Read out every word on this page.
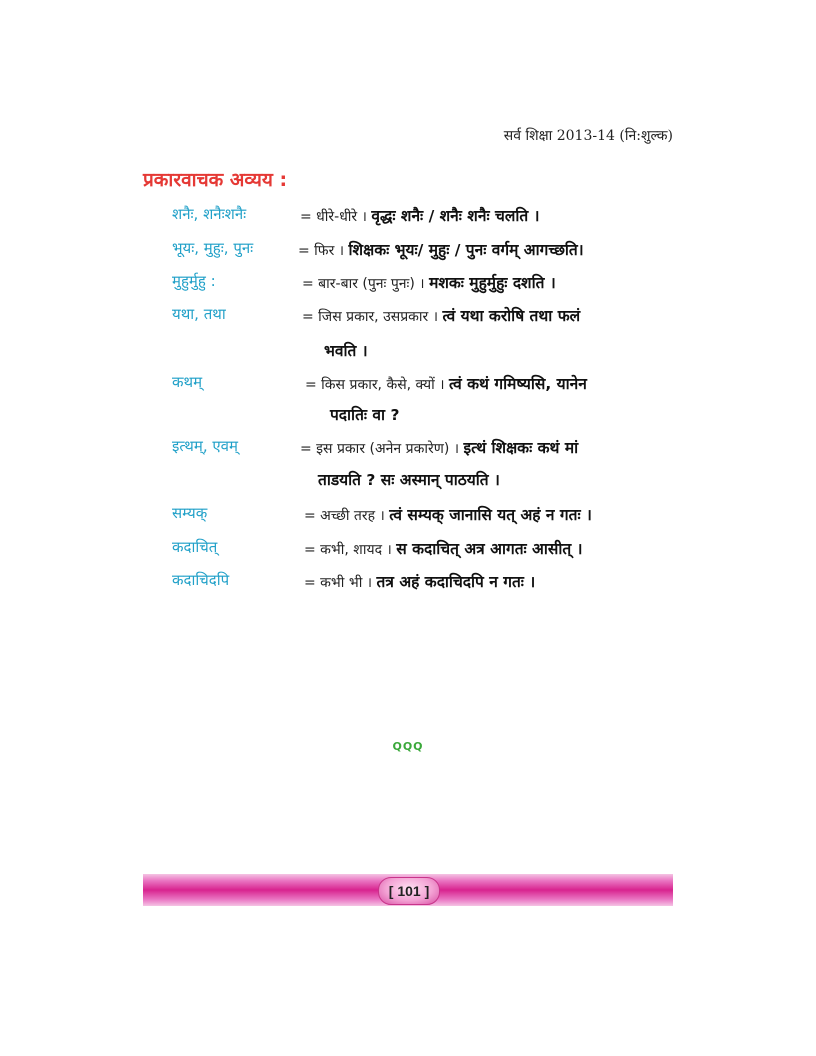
सर्व शिक्षा 2013-14 (नि:शुल्क)
प्रकारवाचक अव्यय :
शनैः, शनैःशनैः	= धीरे-धीरे । वृद्धः शनैः / शनैः शनैः चलति ।
भूयः, मुहुः, पुनः	= फिर । शिक्षकः भूयः/ मुहुः / पुनः वर्गम् आगच्छति।
मुहुर्मुहु :	= बार-बार (पुनः पुनः) । मशकः मुहुर्मुहुः दशति ।
यथा, तथा	= जिस प्रकार, उसप्रकार । त्वं यथा करोषि तथा फलं
भवति ।
कथम्	= किस प्रकार, कैसे, क्यों । त्वं कथं गमिष्यसि, यानेन
पदातिः वा ?
इत्थम्, एवम्	= इस प्रकार (अनेन प्रकारेण) । इत्थं शिक्षकः कथं मां
ताडयति ? सः अस्मान् पाठयति ।
सम्यक्	= अच्छी तरह । त्वं सम्यक् जानासि यत् अहं न गतः ।
कदाचित्	= कभी, शायद । स कदाचित् अत्र आगतः आसीत् ।
कदाचिदपि	= कभी भी । तत्र अहं कदाचिदपि न गतः ।
QQQ
[ 101 ]
